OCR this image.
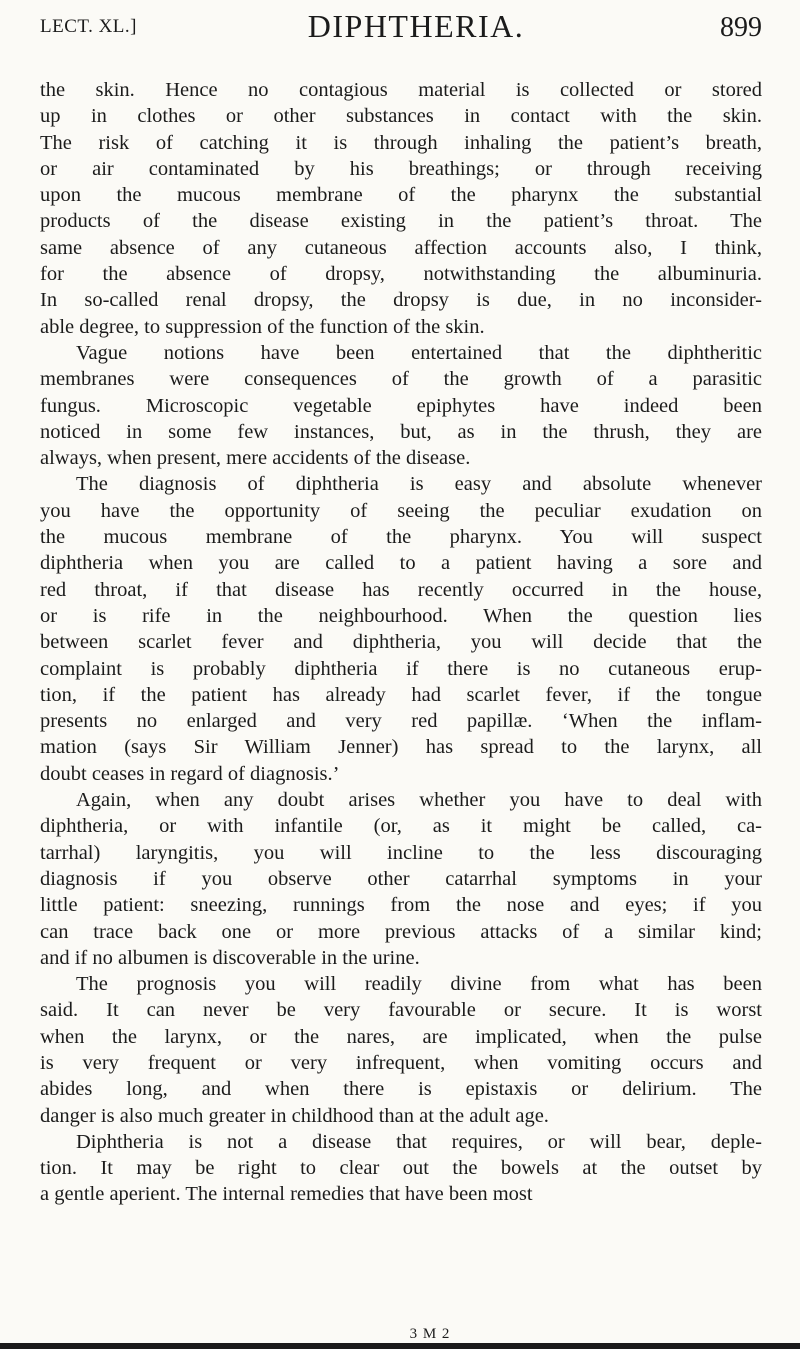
LECT. XL.]	DIPHTHERIA.	899

the skin. Hence no contagious material is collected or stored
up in clothes or other substances in contact with the skin.
The risk of catching it is through inhaling the patient’s breath,
or air contaminated by his breathings; or through receiving
upon the mucous membrane of the pharynx the substantial
products of the disease existing in the patient’s throat. The
same absence of any cutaneous affection accounts also, I think,
for the absence of dropsy, notwithstanding the albuminuria.
In so-called renal dropsy, the dropsy is due, in no inconsider-
able degree, to suppression of the function of the skin.

Vague notions have been entertained that the diphtheritic
membranes were consequences of the growth of a parasitic
fungus. Microscopic vegetable epiphytes have indeed been
noticed in some few instances, but, as in the thrush, they are
always, when present, mere accidents of the disease.

The diagnosis of diphtheria is easy and absolute whenever
you have the opportunity of seeing the peculiar exudation on
the mucous membrane of the pharynx. You will suspect
diphtheria when you are called to a patient having a sore and
red throat, if that disease has recently occurred in the house,
or is rife in the neighbourhood. When the question lies
between scarlet fever and diphtheria, you will decide that the
complaint is probably diphtheria if there is no cutaneous erup-
tion, if the patient has already had scarlet fever, if the tongue
presents no enlarged and very red papillæ. ‘When the inflam-
mation (says Sir William Jenner) has spread to the larynx, all
doubt ceases in regard of diagnosis.’

Again, when any doubt arises whether you have to deal with
diphtheria, or with infantile (or, as it might be called, ca-
tarrhal) laryngitis, you will incline to the less discouraging
diagnosis if you observe other catarrhal symptoms in your
little patient: sneezing, runnings from the nose and eyes; if you
can trace back one or more previous attacks of a similar kind;
and if no albumen is discoverable in the urine.

The prognosis you will readily divine from what has been
said. It can never be very favourable or secure. It is worst
when the larynx, or the nares, are implicated, when the pulse
is very frequent or very infrequent, when vomiting occurs and
abides long, and when there is epistaxis or delirium. The
danger is also much greater in childhood than at the adult age.

Diphtheria is not a disease that requires, or will bear, deple-
tion. It may be right to clear out the bowels at the outset by
a gentle aperient. The internal remedies that have been most

3 M 2
